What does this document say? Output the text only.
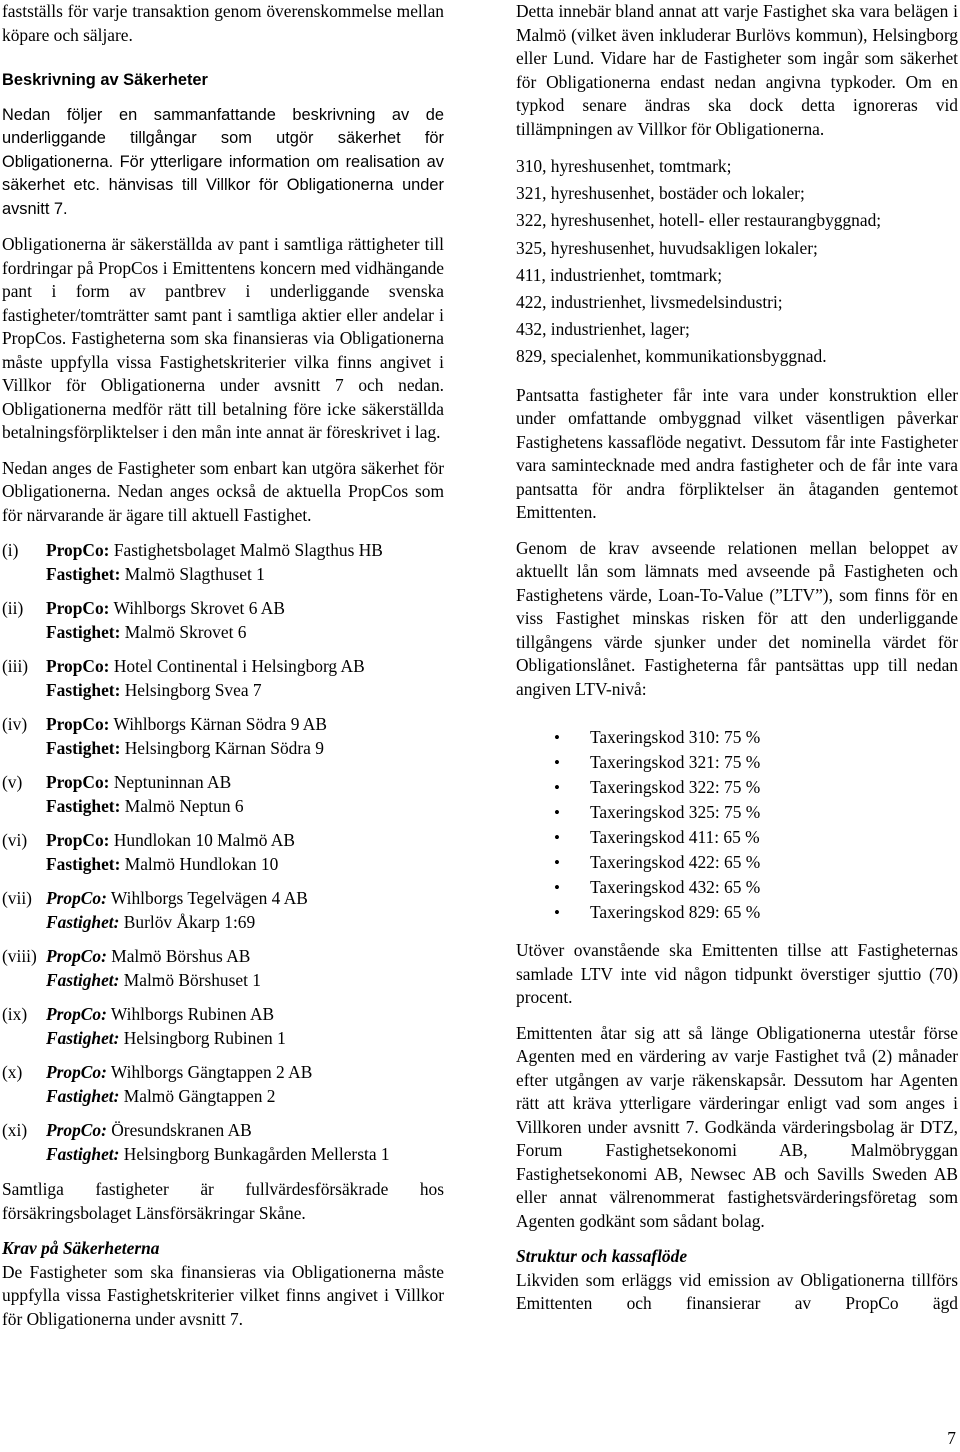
fastställs för varje transaktion genom överenskommelse mellan köpare och säljare.

Beskrivning av Säkerheter

Nedan följer en sammanfattande beskrivning av de underliggande tillgångar som utgör säkerhet för Obligationerna. För ytterligare information om realisation av säkerhet etc. hänvisas till Villkor för Obligationerna under avsnitt 7.

Obligationerna är säkerställda av pant i samtliga rättigheter till fordringar på PropCos i Emittentens koncern med vidhängande pant i form av pantbrev i underliggande svenska fastigheter/tomträtter samt pant i samtliga aktier eller andelar i PropCos. Fastigheterna som ska finansieras via Obligationerna måste uppfylla vissa Fastighetskriterier vilka finns angivet i Villkor för Obligationerna under avsnitt 7 och nedan. Obligationerna medför rätt till betalning före icke säkerställda betalningsförpliktelser i den mån inte annat är föreskrivet i lag.

Nedan anges de Fastigheter som enbart kan utgöra säkerhet för Obligationerna. Nedan anges också de aktuella PropCos som för närvarande är ägare till aktuell Fastighet.

(i)	PropCo: Fastighetsbolaget Malmö Slagthus HB
Fastighet: Malmö Slagthuset 1
(ii)	PropCo: Wihlborgs Skrovet 6 AB
Fastighet: Malmö Skrovet 6
(iii)	PropCo: Hotel Continental i Helsingborg AB
Fastighet: Helsingborg Svea 7
(iv)	PropCo: Wihlborgs Kärnan Södra 9 AB
Fastighet: Helsingborg Kärnan Södra 9
(v)	PropCo: Neptuninnan AB
Fastighet: Malmö Neptun 6
(vi)	PropCo: Hundlokan 10 Malmö AB
Fastighet: Malmö Hundlokan 10
(vii) PropCo: Wihlborgs Tegelvägen 4 AB
Fastighet: Burlöv Åkarp 1:69
(viii) PropCo: Malmö Börshus AB
Fastighet: Malmö Börshuset 1
(ix)	PropCo: Wihlborgs Rubinen AB
Fastighet: Helsingborg Rubinen 1
(x)	PropCo: Wihlborgs Gängtappen 2 AB
Fastighet: Malmö Gängtappen 2
(xi)	PropCo: Öresundskranen AB
Fastighet: Helsingborg Bunkagården Mellersta 1

Samtliga fastigheter är fullvärdesförsäkrade hos försäkringsbolaget Länsförsäkringar Skåne.

Krav på Säkerheterna

De Fastigheter som ska finansieras via Obligationerna måste uppfylla vissa Fastighetskriterier vilket finns angivet i Villkor för Obligationerna under avsnitt 7.

Detta innebär bland annat att varje Fastighet ska vara belägen i Malmö (vilket även inkluderar Burlövs kommun), Helsingborg eller Lund. Vidare har de Fastigheter som ingår som säkerhet för Obligationerna endast nedan angivna typkoder. Om en typkod senare ändras ska dock detta ignoreras vid tillämpningen av Villkor för Obligationerna.

310, hyreshusenhet, tomtmark;
321, hyreshusenhet, bostäder och lokaler;
322, hyreshusenhet, hotell- eller restaurangbyggnad;
325, hyreshusenhet, huvudsakligen lokaler;
411, industrienhet, tomtmark;
422, industrienhet, livsmedelsindustri;
432, industrienhet, lager;
829, specialenhet, kommunikationsbyggnad.

Pantsatta fastigheter får inte vara under konstruktion eller under omfattande ombyggnad vilket väsentligen påverkar Fastighetens kassaflöde negativt. Dessutom får inte Fastigheter vara samintecknade med andra fastigheter och de får inte vara pantsatta för andra förpliktelser än åtaganden gentemot Emittenten.

Genom de krav avseende relationen mellan beloppet av aktuellt lån som lämnats med avseende på Fastigheten och Fastighetens värde, Loan-To-Value (”LTV”), som finns för en viss Fastighet minskas risken för att den underliggande tillgångens värde sjunker under det nominella värdet för Obligationslånet. Fastigheterna får pantsättas upp till nedan angiven LTV-nivå:

• Taxeringskod 310: 75 %
• Taxeringskod 321: 75 %
• Taxeringskod 322: 75 %
• Taxeringskod 325: 75 %
• Taxeringskod 411: 65 %
• Taxeringskod 422: 65 %
• Taxeringskod 432: 65 %
• Taxeringskod 829: 65 %

Utöver ovanstående ska Emittenten tillse att Fastigheternas samlade LTV inte vid någon tidpunkt överstiger sjuttio (70) procent.

Emittenten åtar sig att så länge Obligationerna utestår förse Agenten med en värdering av varje Fastighet två (2) månader efter utgången av varje räkenskapsår. Dessutom har Agenten rätt att kräva ytterligare värderingar enligt vad som anges i Villkoren under avsnitt 7. Godkända värderingsbolag är DTZ, Forum Fastighetsekonomi AB, Malmöbryggan Fastighetsekonomi AB, Newsec AB och Savills Sweden AB eller annat välrenommerat fastighetsvärderingsföretag som Agenten godkänt som sådant bolag.

Struktur och kassaflöde

Likviden som erläggs vid emission av Obligationerna tillförs Emittenten och finansierar av PropCo ägd

7
